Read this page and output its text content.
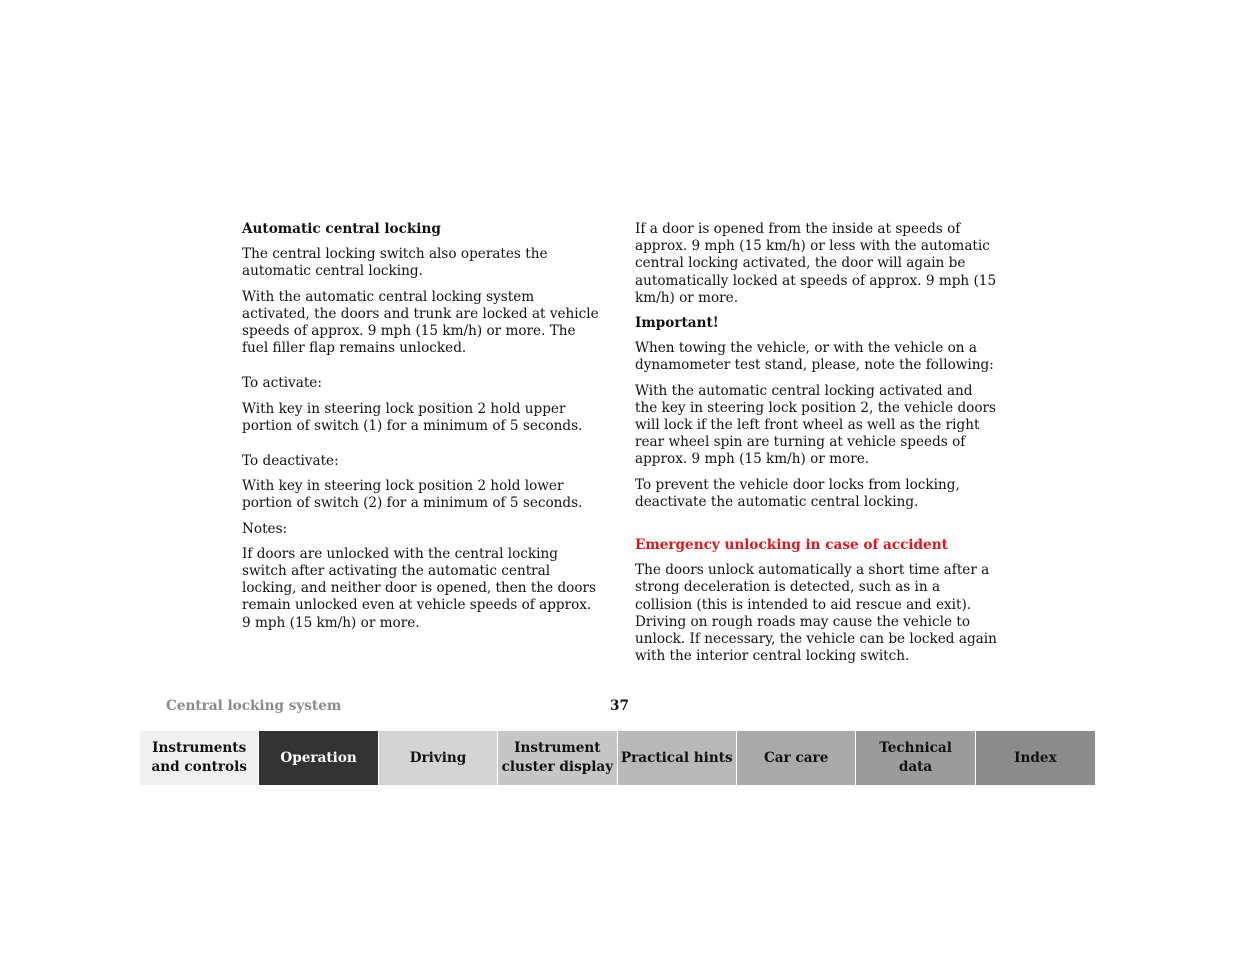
Automatic central locking

The central locking switch also operates the automatic central locking.

With the automatic central locking system activated, the doors and trunk are locked at vehicle speeds of approx. 9 mph (15 km/h) or more. The fuel filler flap remains unlocked.

To activate:

With key in steering lock position 2 hold upper portion of switch (1) for a minimum of 5 seconds.

To deactivate:

With key in steering lock position 2 hold lower portion of switch (2) for a minimum of 5 seconds.

Notes:

If doors are unlocked with the central locking switch after activating the automatic central locking, and neither door is opened, then the doors remain unlocked even at vehicle speeds of approx. 9 mph (15 km/h) or more.

If a door is opened from the inside at speeds of approx. 9 mph (15 km/h) or less with the automatic central locking activated, the door will again be automatically locked at speeds of approx. 9 mph (15 km/h) or more.

Important!

When towing the vehicle, or with the vehicle on a dynamometer test stand, please, note the following:

With the automatic central locking activated and the key in steering lock position 2, the vehicle doors will lock if the left front wheel as well as the right rear wheel spin are turning at vehicle speeds of approx. 9 mph (15 km/h) or more.

To prevent the vehicle door locks from locking, deactivate the automatic central locking.

Emergency unlocking in case of accident

The doors unlock automatically a short time after a strong deceleration is detected, such as in a collision (this is intended to aid rescue and exit). Driving on rough roads may cause the vehicle to unlock. If necessary, the vehicle can be locked again with the interior central locking switch.

Central locking system	37
Instruments
and controls
Operation	Driving
Instrument
cluster display
Practical hints	Car care
Technical
data
Index
